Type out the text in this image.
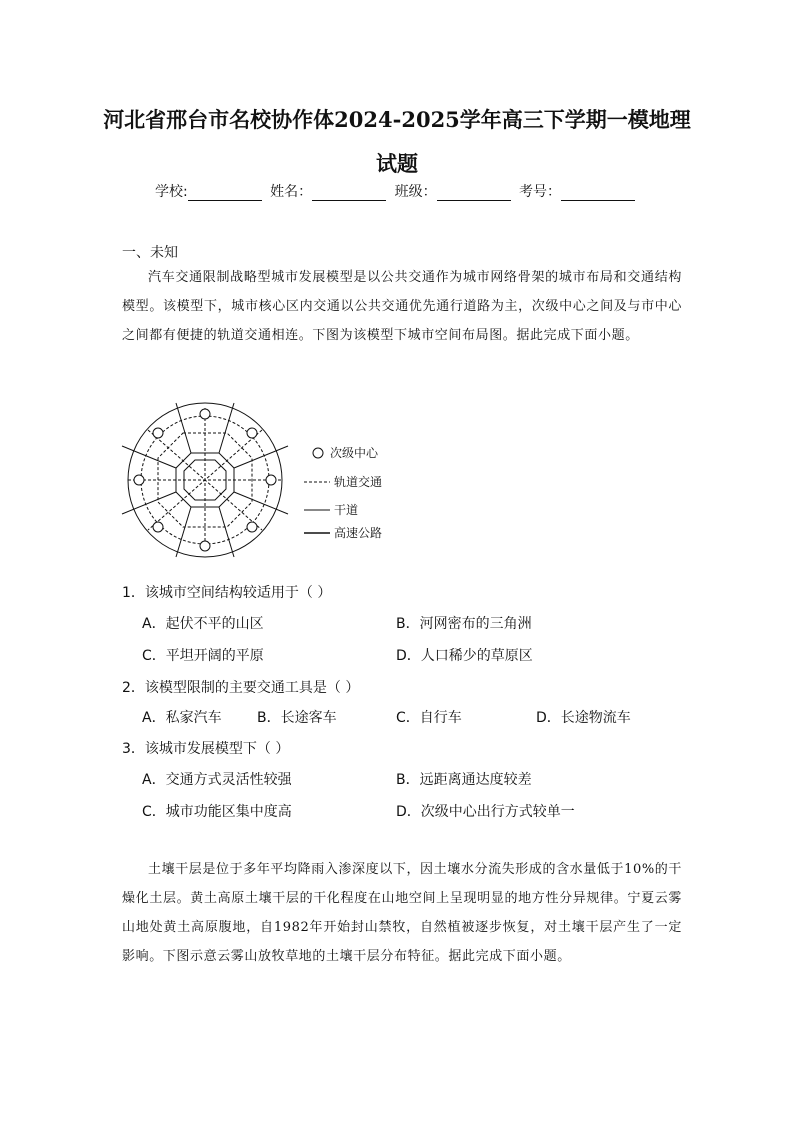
河北省邢台市名校协作体2024-2025学年高三下学期一模地理
试题
学校:	姓名：	班级：	考号：
一、未知
汽车交通限制战略型城市发展模型是以公共交通作为城市网络骨架的城市布局和交通结构模型。该模型下，城市核心区内交通以公共交通优先通行道路为主，次级中心之间及与市中心之间都有便捷的轨道交通相连。下图为该模型下城市空间布局图。据此完成下面小题。
次级中心
轨道交通
干道
高速公路
1．该城市空间结构较适用于（ ）
A．起伏不平的山区	B．河网密布的三角洲
C．平坦开阔的平原	D．人口稀少的草原区
2．该模型限制的主要交通工具是（ ）
A．私家汽车	B．长途客车	C．自行车	D．长途物流车
3．该城市发展模型下（ ）
A．交通方式灵活性较强	B．远距离通达度较差
C．城市功能区集中度高	D．次级中心出行方式较单一
土壤干层是位于多年平均降雨入渗深度以下，因土壤水分流失形成的含水量低于10%的干燥化土层。黄土高原土壤干层的干化程度在山地空间上呈现明显的地方性分异规律。宁夏云雾山地处黄土高原腹地，自1982年开始封山禁牧，自然植被逐步恢复，对土壤干层产生了一定影响。下图示意云雾山放牧草地的土壤干层分布特征。据此完成下面小题。
